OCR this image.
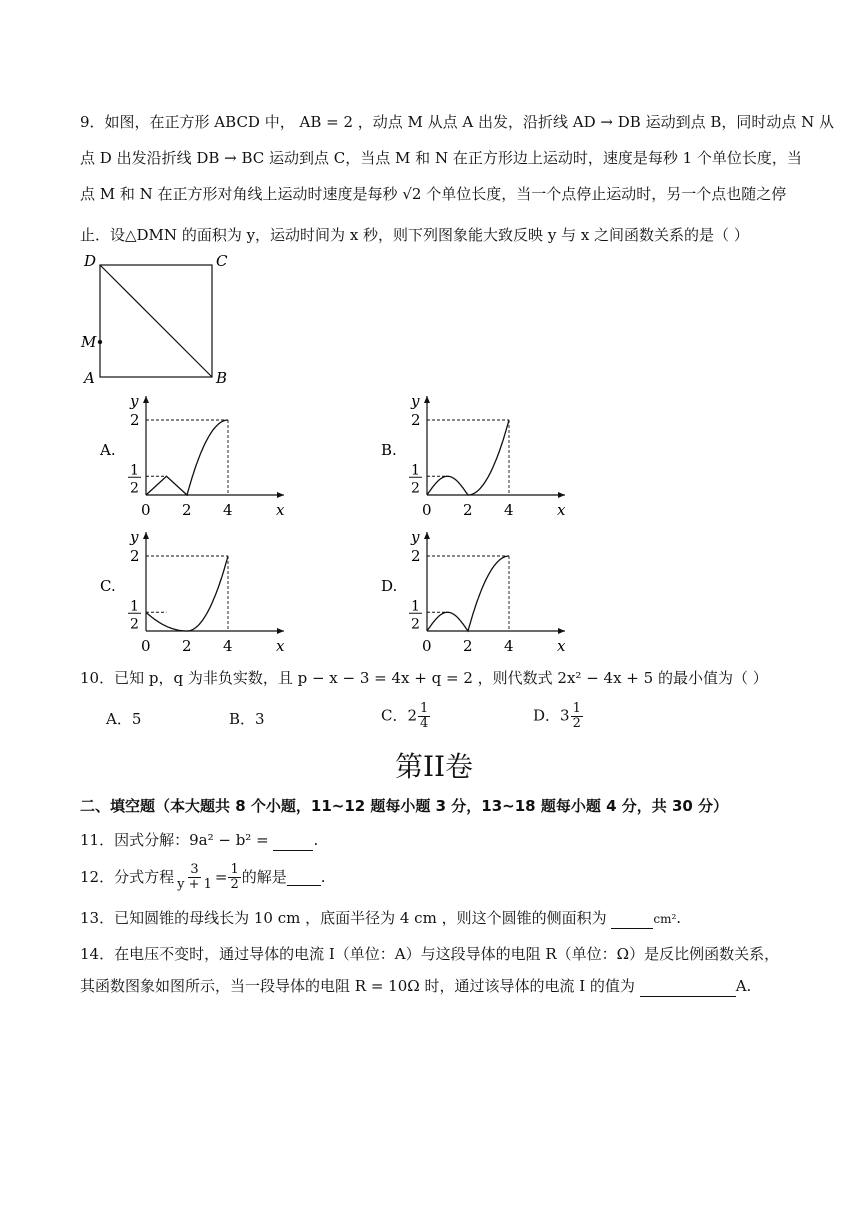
9．如图，在正方形 ABCD 中， AB = 2 ，动点 M 从点 A 出发，沿折线 AD → DB 运动到点 B，同时动点 N 从
点 D 出发沿折线 DB → BC 运动到点 C，当点 M 和 N 在正方形边上运动时，速度是每秒 1 个单位长度，当
点 M 和 N 在正方形对角线上运动时速度是每秒 √2 个单位长度，当一个点停止运动时，另一个点也随之停
止．设△DMN 的面积为 y，运动时间为 x 秒，则下列图象能大致反映 y 与 x 之间函数关系的是（ ）
D	C
M
A	B
A.
y
x
2
1
2
0 2 4
B.
y
x
2
1
2
0 2 4
C.
y
x
2
1
2
0 2 4
D.
y
x
2
1
2
0 2 4
10．已知 p，q 为非负实数，且 p − x − 3 = 4x + q = 2 ，则代数式 2x² − 4x + 5 的最小值为（ ）
A．5	B．3	C．$2 \frac{1}{4}$	D．$3 \frac{1}{2}$
第II卷
二、填空题（本大题共 8 个小题，11~12 题每小题 3 分，13~18 题每小题 4 分，共 30 分）
11．因式分解：9a² − b² =	.
12．分式方程 $\frac{3}{y + 1} = \frac{1}{2}$ 的解是
.
13．已知圆锥的母线长为 10 cm ，底面半径为 4 cm ，则这个圆锥的侧面积为	cm².
14．在电压不变时，通过导体的电流 I（单位：A）与这段导体的电阻 R（单位：Ω）是反比例函数关系，
其函数图象如图所示，当一段导体的电阻 R = 10Ω 时，通过该导体的电流 I 的值为	A.
